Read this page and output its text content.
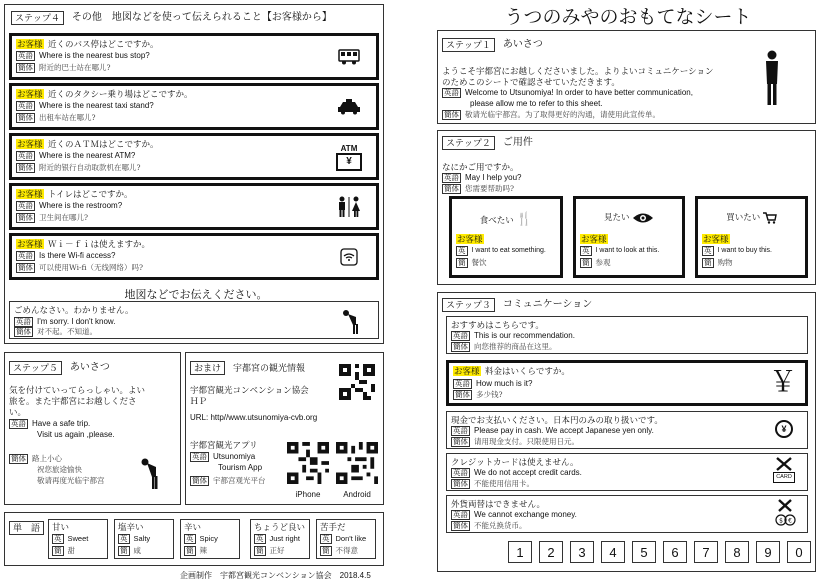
ステップ４	その他　地図などを使って伝えられること【お客様から】
お客様
近くのバス停はどこですか。
英語 Where is the nearest bus stop?
簡体 附近的巴士站在哪儿?
お客様
近くのタクシー乗り場はどこですか。
英語 Where is the nearest taxi stand?
簡体 出租车站在哪儿?
お客様
近くのＡＴＭはどこですか。
英語 Where is the nearest ATM?
簡体 附近的银行自动取款机在哪儿?
ATM
¥
お客様
トイレはどこですか。
英語 Where is the restroom?
簡体 卫生间在哪儿?
お客様
Ｗｉ－ｆｉは使えますか。
英語 Is there Wi-fi access?
簡体 可以使用Wi-fi（无线网络）吗?
地図などでお伝えください。
ごめんなさい。わかりません。
英語 I'm sorry. I don't know.
簡体 对不起。不知道。
ステップ５	あいさつ
気を付けていってらっしゃい。よい旅を。また宇都宮にお越しください。
英語 Have a safe trip.
Visit us again ,please.
簡体 路上小心
祝您旅途愉快
敬请再度光临宇都宫
おまけ	宇都宮の観光情報
宇都宮観光コンベンション協会ＨＰ
URL: http//www.utsunomiya-cvb.org
宇都宮観光アプリ
英語 Utsunomiya
Tourism App
簡体 宇都宫观光平台
iPhone	Android
単　語	甘い
英 Sweet
簡 甜
塩辛い
英 Salty
簡 咸
辛い
英 Spicy
簡 辣
ちょうど良い
英 Just right
簡 正好
苦手だ
英 Don't like
簡 不得意
企画制作　宇都宮観光コンベンション協会　2018.4.5
うつのみやのおもてなシート
ステップ１	あいさつ
ようこそ宇都宮にお越しくださいました。よりよいコミュニケーション
のためこのシートで確認させていただきます。
英語 Welcome to Utsunomiya! In order to have better communication,
please allow me to refer to this sheet.
簡体 敬请光临宇都宫。为了取得更好的沟通，请使用此宣传单。
ステップ２	ご用件
なにかご用ですか。
英語 May I help you?
簡体 您需要帮助吗?
食べたい 🍴
お客様
英 I want to eat something.
簡 餐饮
見たい
お客様
英 I want to look at this.
簡 参观
買いたい
お客様
英 I want to buy this.
簡 购物
ステップ３	コミュニケーション
おすすめはこちらです。
英語 This is our recommendation.
簡体 向您推荐的商品在这里。
お客様
料金はいくらですか。
英語 How much is it?
簡体 多少钱?	￥
現金でお支払いください。日本円のみの取り扱いです。
英語 Please pay in cash. We accept Japanese yen only.
簡体 请用现金支付。只限使用日元。
¥
クレジットカードは使えません。
英語 We do not accept credit cards.
簡体 不能使用信用卡。
CARD
外貨両替はできません。
英語 We cannot exchange money.
簡体 不能兑换货币。	$ €
1	2	3	4	5	6	7	8	9	0
